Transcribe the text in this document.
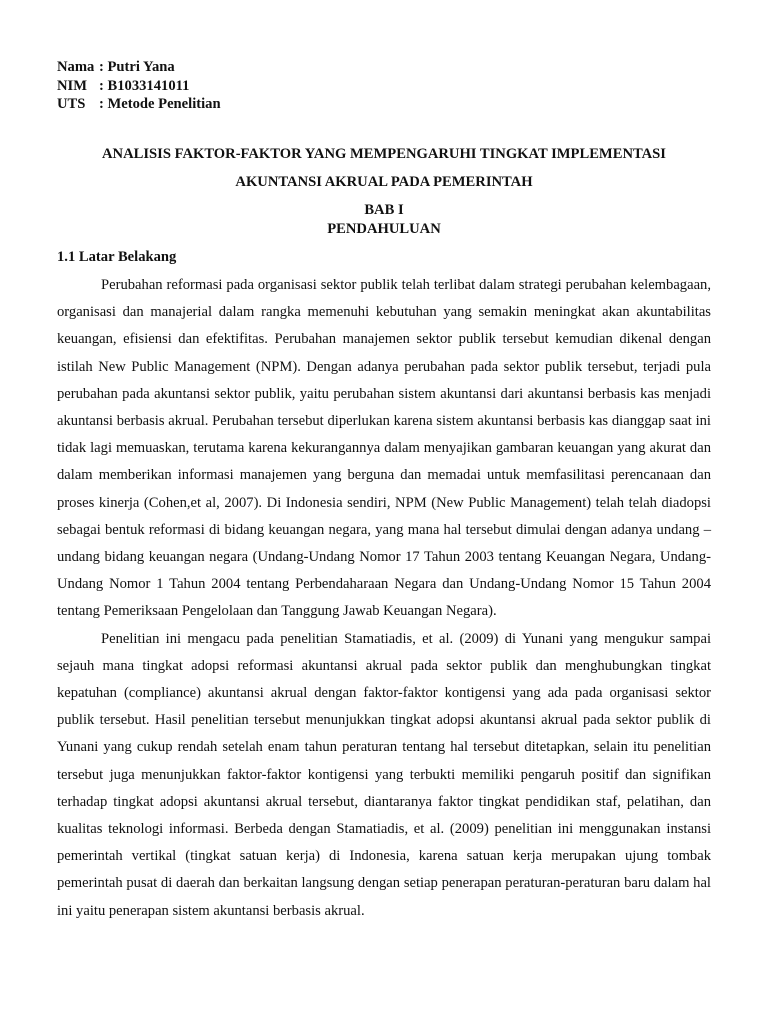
Nama : Putri Yana
NIM : B1033141011
UTS : Metode Penelitian
ANALISIS FAKTOR-FAKTOR YANG MEMPENGARUHI TINGKAT IMPLEMENTASI
AKUNTANSI AKRUAL PADA PEMERINTAH
BAB I
PENDAHULUAN
1.1 Latar Belakang

Perubahan reformasi pada organisasi sektor publik telah terlibat dalam strategi perubahan kelembagaan, organisasi dan manajerial dalam rangka memenuhi kebutuhan yang semakin meningkat akan akuntabilitas keuangan, efisiensi dan efektifitas. Perubahan manajemen sektor publik tersebut kemudian dikenal dengan istilah New Public Management (NPM). Dengan adanya perubahan pada sektor publik tersebut, terjadi pula perubahan pada akuntansi sektor publik, yaitu perubahan sistem akuntansi dari akuntansi berbasis kas menjadi akuntansi berbasis akrual. Perubahan tersebut diperlukan karena sistem akuntansi berbasis kas dianggap saat ini tidak lagi memuaskan, terutama karena kekurangannya dalam menyajikan gambaran keuangan yang akurat dan dalam memberikan informasi manajemen yang berguna dan memadai untuk memfasilitasi perencanaan dan proses kinerja (Cohen,et al, 2007). Di Indonesia sendiri, NPM (New Public Management) telah telah diadopsi sebagai bentuk reformasi di bidang keuangan negara, yang mana hal tersebut dimulai dengan adanya undang – undang bidang keuangan negara (Undang-Undang Nomor 17 Tahun 2003 tentang Keuangan Negara, Undang-Undang Nomor 1 Tahun 2004 tentang Perbendaharaan Negara dan Undang-Undang Nomor 15 Tahun 2004 tentang Pemeriksaan Pengelolaan dan Tanggung Jawab Keuangan Negara).

Penelitian ini mengacu pada penelitian Stamatiadis, et al. (2009) di Yunani yang mengukur sampai sejauh mana tingkat adopsi reformasi akuntansi akrual pada sektor publik dan menghubungkan tingkat kepatuhan (compliance) akuntansi akrual dengan faktor-faktor kontigensi yang ada pada organisasi sektor publik tersebut. Hasil penelitian tersebut menunjukkan tingkat adopsi akuntansi akrual pada sektor publik di Yunani yang cukup rendah setelah enam tahun peraturan tentang hal tersebut ditetapkan, selain itu penelitian tersebut juga menunjukkan faktor-faktor kontigensi yang terbukti memiliki pengaruh positif dan signifikan terhadap tingkat adopsi akuntansi akrual tersebut, diantaranya faktor tingkat pendidikan staf, pelatihan, dan kualitas teknologi informasi. Berbeda dengan Stamatiadis, et al. (2009) penelitian ini menggunakan instansi pemerintah vertikal (tingkat satuan kerja) di Indonesia, karena satuan kerja merupakan ujung tombak pemerintah pusat di daerah dan berkaitan langsung dengan setiap penerapan peraturan-peraturan baru dalam hal ini yaitu penerapan sistem akuntansi berbasis akrual.
